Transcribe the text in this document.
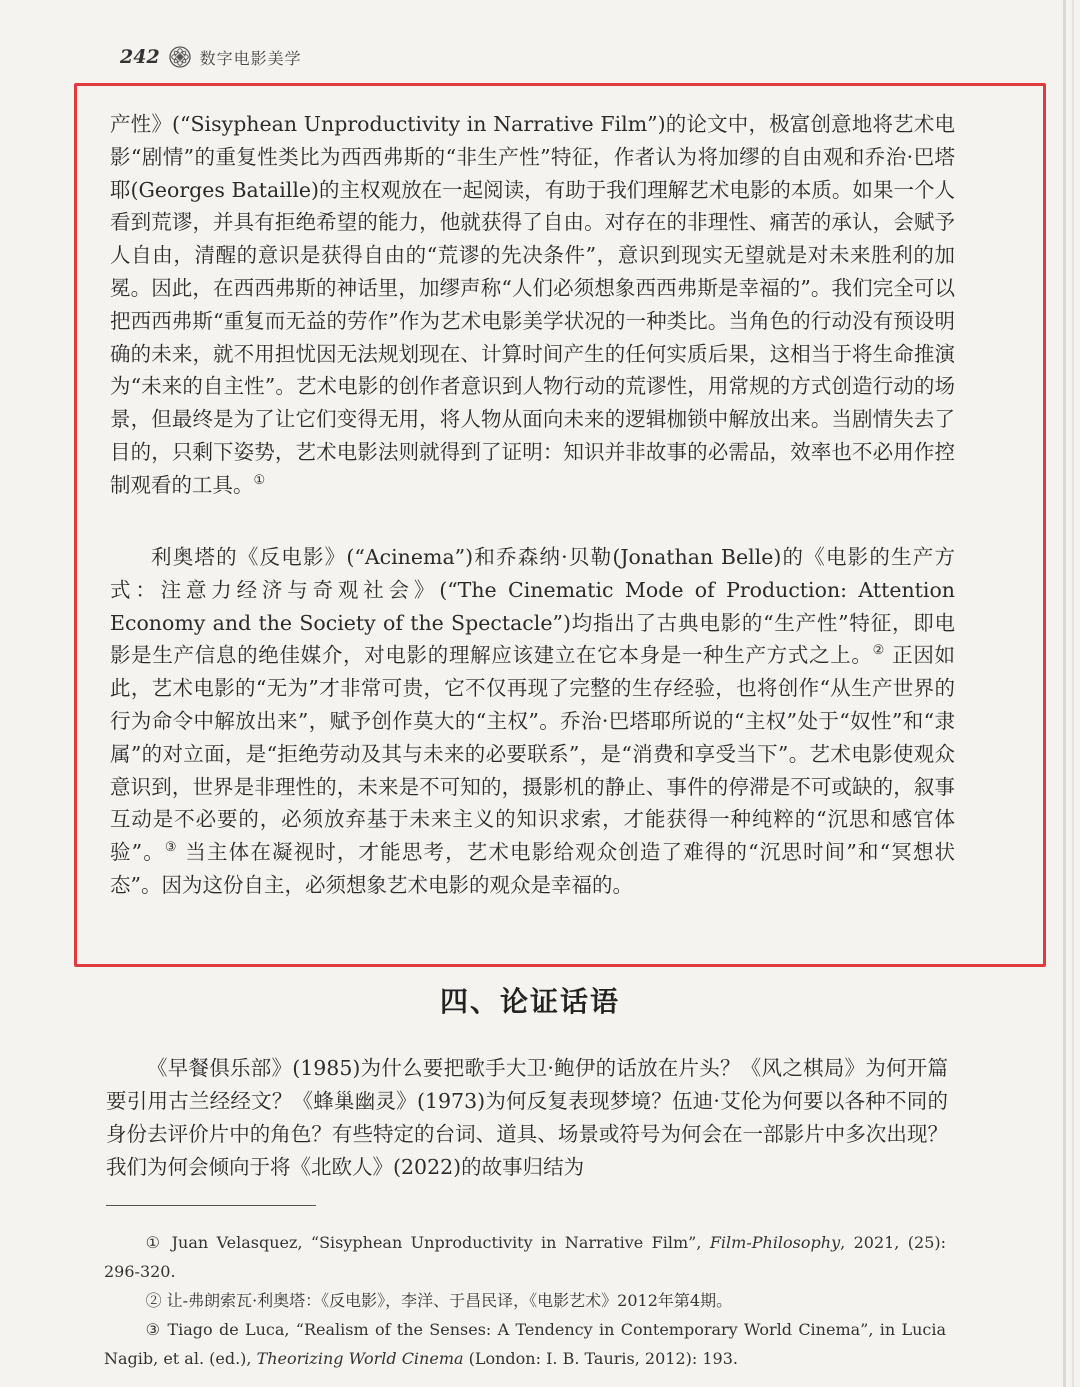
242	数字电影美学

产性》(“Sisyphean Unproductivity in Narrative Film”)的论文中，极富创意地将艺术电影“剧情”的重复性类比为西西弗斯的“非生产性”特征，作者认为将加缪的自由观和乔治·巴塔耶(Georges Bataille)的主权观放在一起阅读，有助于我们理解艺术电影的本质。如果一个人看到荒谬，并具有拒绝希望的能力，他就获得了自由。对存在的非理性、痛苦的承认，会赋予人自由，清醒的意识是获得自由的“荒谬的先决条件”，意识到现实无望就是对未来胜利的加冕。因此，在西西弗斯的神话里，加缪声称“人们必须想象西西弗斯是幸福的”。我们完全可以把西西弗斯“重复而无益的劳作”作为艺术电影美学状况的一种类比。当角色的行动没有预设明确的未来，就不用担忧因无法规划现在、计算时间产生的任何实质后果，这相当于将生命推演为“未来的自主性”。艺术电影的创作者意识到人物行动的荒谬性，用常规的方式创造行动的场景，但最终是为了让它们变得无用，将人物从面向未来的逻辑枷锁中解放出来。当剧情失去了目的，只剩下姿势，艺术电影法则就得到了证明：知识并非故事的必需品，效率也不必用作控制观看的工具。①

利奥塔的《反电影》(“Acinema”)和乔森纳·贝勒(Jonathan Belle)的《电影的生产方式：注意力经济与奇观社会》(“The Cinematic Mode of Production: Attention Economy and the Society of the Spectacle”)均指出了古典电影的“生产性”特征，即电影是生产信息的绝佳媒介，对电影的理解应该建立在它本身是一种生产方式之上。② 正因如此，艺术电影的“无为”才非常可贵，它不仅再现了完整的生存经验，也将创作“从生产世界的行为命令中解放出来”，赋予创作莫大的“主权”。乔治·巴塔耶所说的“主权”处于“奴性”和“隶属”的对立面，是“拒绝劳动及其与未来的必要联系”，是“消费和享受当下”。艺术电影使观众意识到，世界是非理性的，未来是不可知的，摄影机的静止、事件的停滞是不可或缺的，叙事互动是不必要的，必须放弃基于未来主义的知识求索，才能获得一种纯粹的“沉思和感官体验”。③ 当主体在凝视时，才能思考，艺术电影给观众创造了难得的“沉思时间”和“冥想状态”。因为这份自主，必须想象艺术电影的观众是幸福的。

四、论证话语

《早餐俱乐部》(1985)为什么要把歌手大卫·鲍伊的话放在片头？《风之棋局》为何开篇要引用古兰经经文？《蜂巢幽灵》(1973)为何反复表现梦境？伍迪·艾伦为何要以各种不同的身份去评价片中的角色？有些特定的台词、道具、场景或符号为何会在一部影片中多次出现？我们为何会倾向于将《北欧人》(2022)的故事归结为

① Juan Velasquez, “Sisyphean Unproductivity in Narrative Film”, Film-Philosophy, 2021, (25): 296-320.

② 让-弗朗索瓦·利奥塔：《反电影》，李洋、于昌民译，《电影艺术》2012年第4期。

③ Tiago de Luca, “Realism of the Senses: A Tendency in Contemporary World Cinema”, in Lucia Nagib, et al. (ed.), Theorizing World Cinema (London: I. B. Tauris, 2012): 193.
